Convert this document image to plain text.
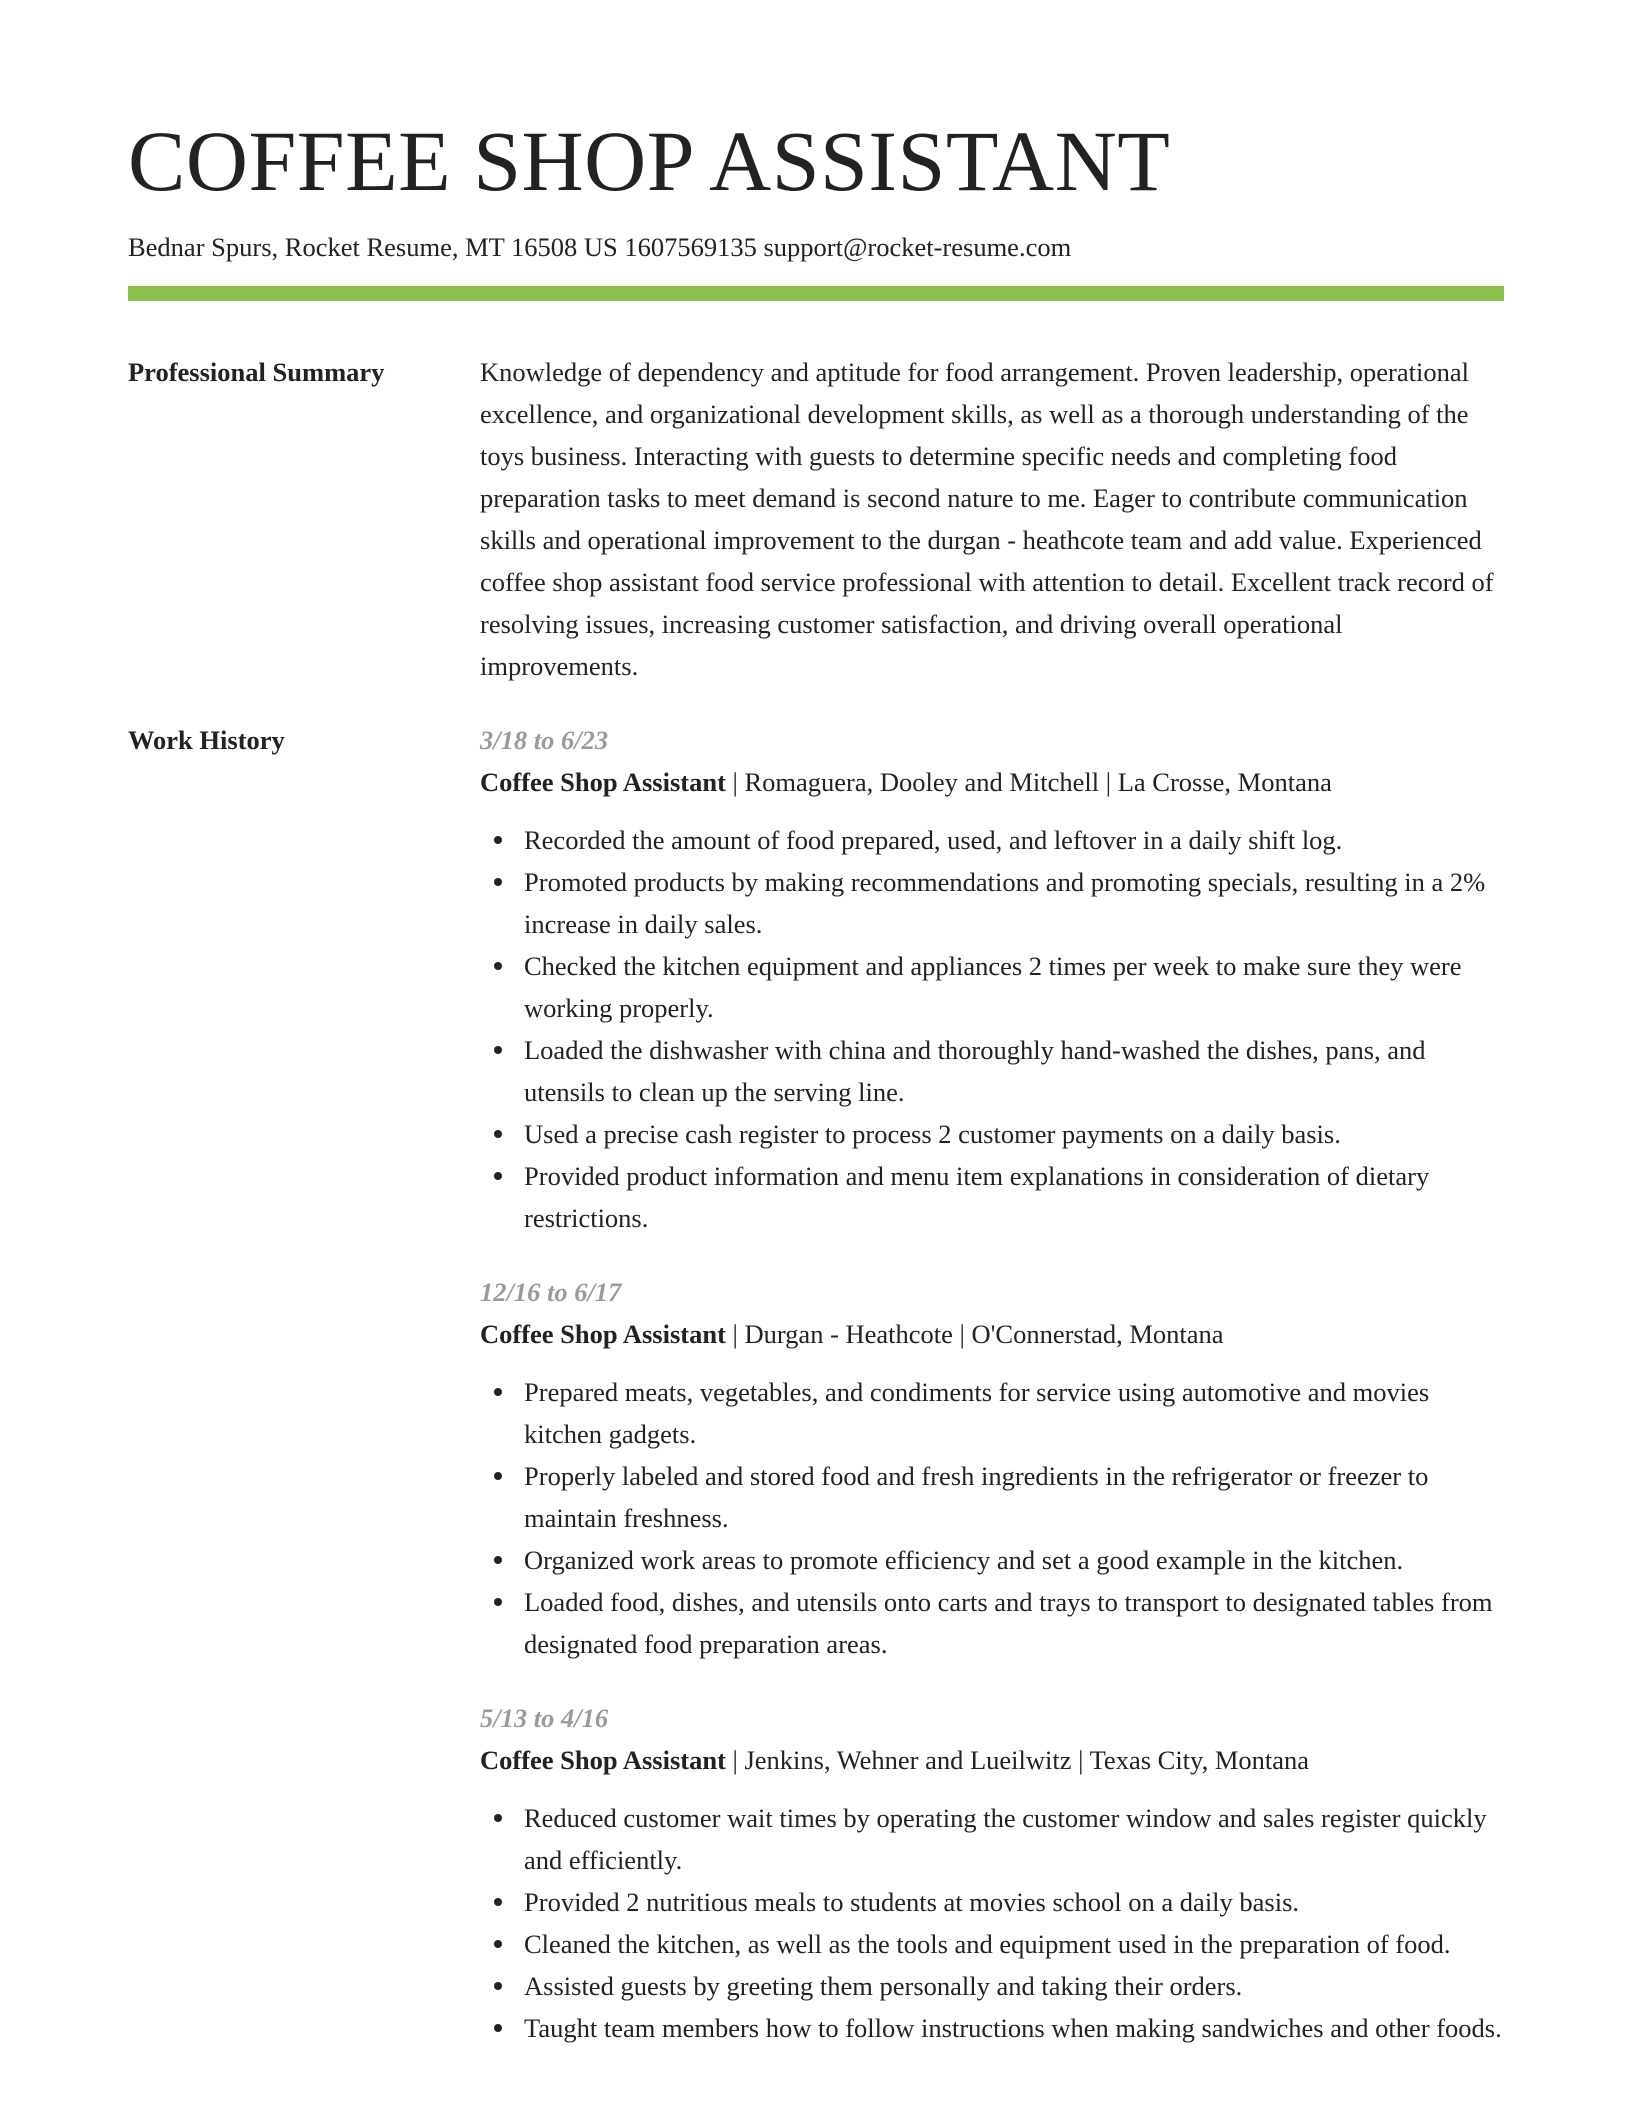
COFFEE SHOP ASSISTANT
Bednar Spurs, Rocket Resume, MT 16508 US 1607569135 support@rocket-resume.com
Professional Summary	Knowledge of dependency and aptitude for food arrangement. Proven leadership, operational excellence, and organizational development skills, as well as a thorough understanding of the toys business. Interacting with guests to determine specific needs and completing food preparation tasks to meet demand is second nature to me. Eager to contribute communication skills and operational improvement to the durgan - heathcote team and add value. Experienced coffee shop assistant food service professional with attention to detail. Excellent track record of resolving issues, increasing customer satisfaction, and driving overall operational improvements.

Work History	3/18 to 6/23
Coffee Shop Assistant | Romaguera, Dooley and Mitchell | La Crosse, Montana
Recorded the amount of food prepared, used, and leftover in a daily shift log.
Promoted products by making recommendations and promoting specials, resulting in a 2% increase in daily sales.
Checked the kitchen equipment and appliances 2 times per week to make sure they were working properly.
Loaded the dishwasher with china and thoroughly hand-washed the dishes, pans, and utensils to clean up the serving line.
Used a precise cash register to process 2 customer payments on a daily basis.
Provided product information and menu item explanations in consideration of dietary restrictions.
12/16 to 6/17
Coffee Shop Assistant | Durgan - Heathcote | O'Connerstad, Montana
Prepared meats, vegetables, and condiments for service using automotive and movies kitchen gadgets.
Properly labeled and stored food and fresh ingredients in the refrigerator or freezer to maintain freshness.
Organized work areas to promote efficiency and set a good example in the kitchen.
Loaded food, dishes, and utensils onto carts and trays to transport to designated tables from designated food preparation areas.
5/13 to 4/16
Coffee Shop Assistant | Jenkins, Wehner and Lueilwitz | Texas City, Montana
Reduced customer wait times by operating the customer window and sales register quickly and efficiently.
Provided 2 nutritious meals to students at movies school on a daily basis.
Cleaned the kitchen, as well as the tools and equipment used in the preparation of food.
Assisted guests by greeting them personally and taking their orders.
Taught team members how to follow instructions when making sandwiches and other foods.
